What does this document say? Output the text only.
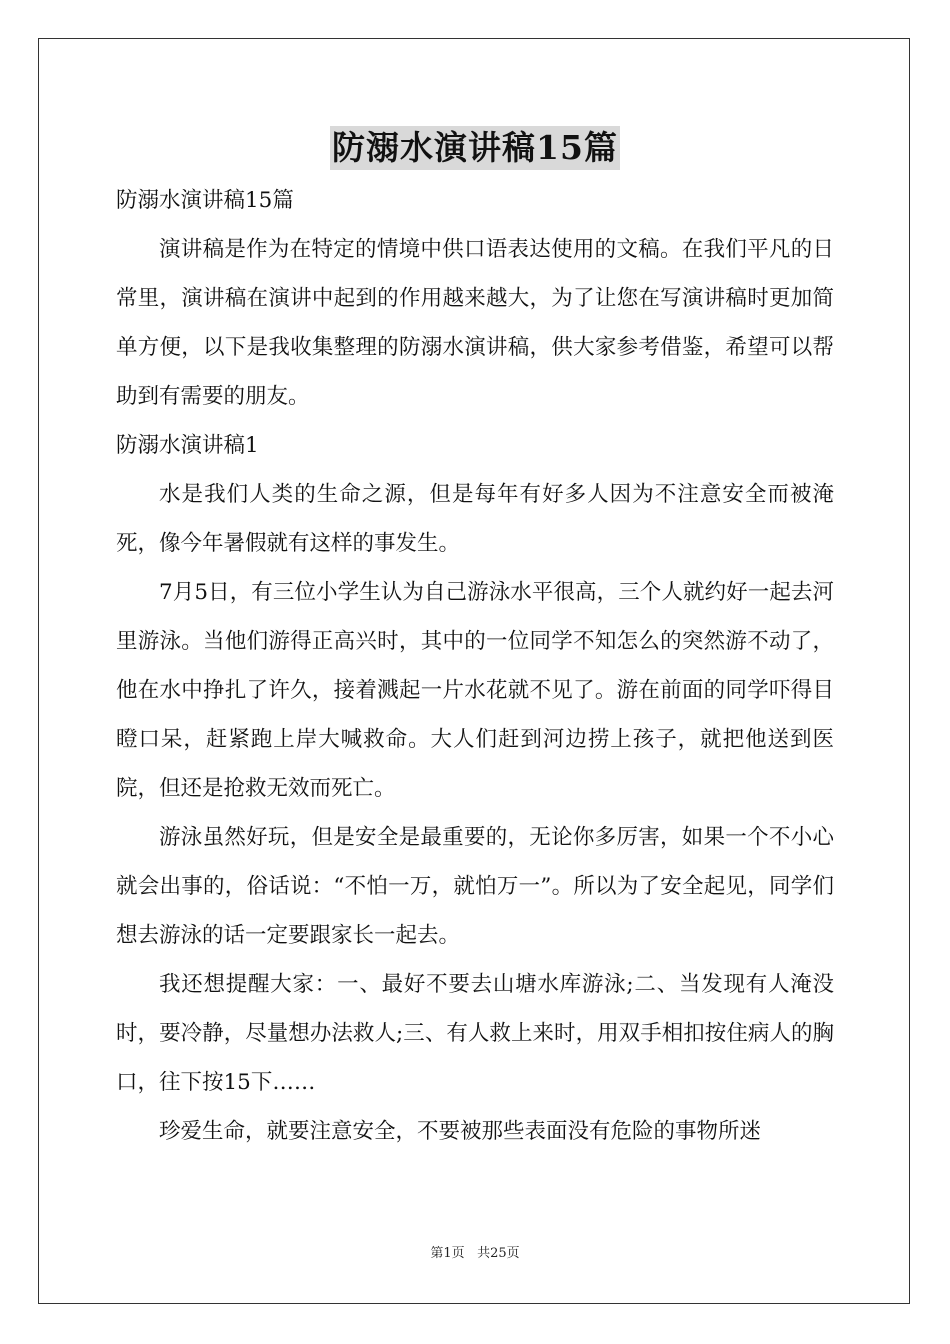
防溺水演讲稿15篇

防溺水演讲稿15篇

演讲稿是作为在特定的情境中供口语表达使用的文稿。在我们平凡的日常里，演讲稿在演讲中起到的作用越来越大，为了让您在写演讲稿时更加简单方便，以下是我收集整理的防溺水演讲稿，供大家参考借鉴，希望可以帮助到有需要的朋友。

防溺水演讲稿1

水是我们人类的生命之源，但是每年有好多人因为不注意安全而被淹死，像今年暑假就有这样的事发生。

7月5日，有三位小学生认为自己游泳水平很高，三个人就约好一起去河里游泳。当他们游得正高兴时，其中的一位同学不知怎么的突然游不动了，他在水中挣扎了许久，接着溅起一片水花就不见了。游在前面的同学吓得目瞪口呆，赶紧跑上岸大喊救命。大人们赶到河边捞上孩子，就把他送到医院，但还是抢救无效而死亡。

游泳虽然好玩，但是安全是最重要的，无论你多厉害，如果一个不小心就会出事的，俗话说：“不怕一万，就怕万一”。所以为了安全起见，同学们想去游泳的话一定要跟家长一起去。

我还想提醒大家：一、最好不要去山塘水库游泳;二、当发现有人淹没时，要冷静，尽量想办法救人;三、有人救上来时，用双手相扣按住病人的胸口，往下按15下……

珍爱生命，就要注意安全，不要被那些表面没有危险的事物所迷

第1页 共25页
